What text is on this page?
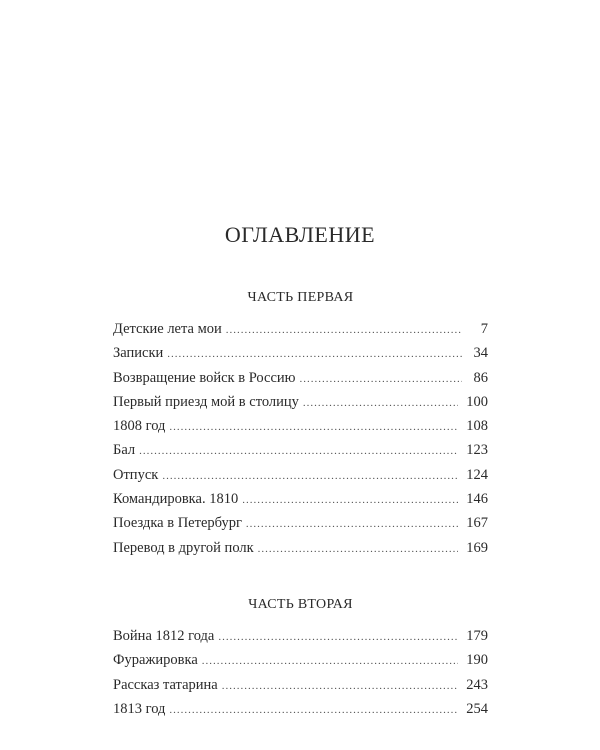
ОГЛАВЛЕНИЕ
ЧАСТЬ ПЕРВАЯ
Детские лета мои .....	7
Записки .....	34
Возвращение войск в Россию .....	86
Первый приезд мой в столицу .....	100
1808 год .....	108
Бал .....	123
Отпуск .....	124
Командировка. 1810 .....	146
Поездка в Петербург .....	167
Перевод в другой полк .....	169
ЧАСТЬ ВТОРАЯ
Война 1812 года .....	179
Фуражировка .....	190
Рассказ татарина .....	243
1813 год .....	254
